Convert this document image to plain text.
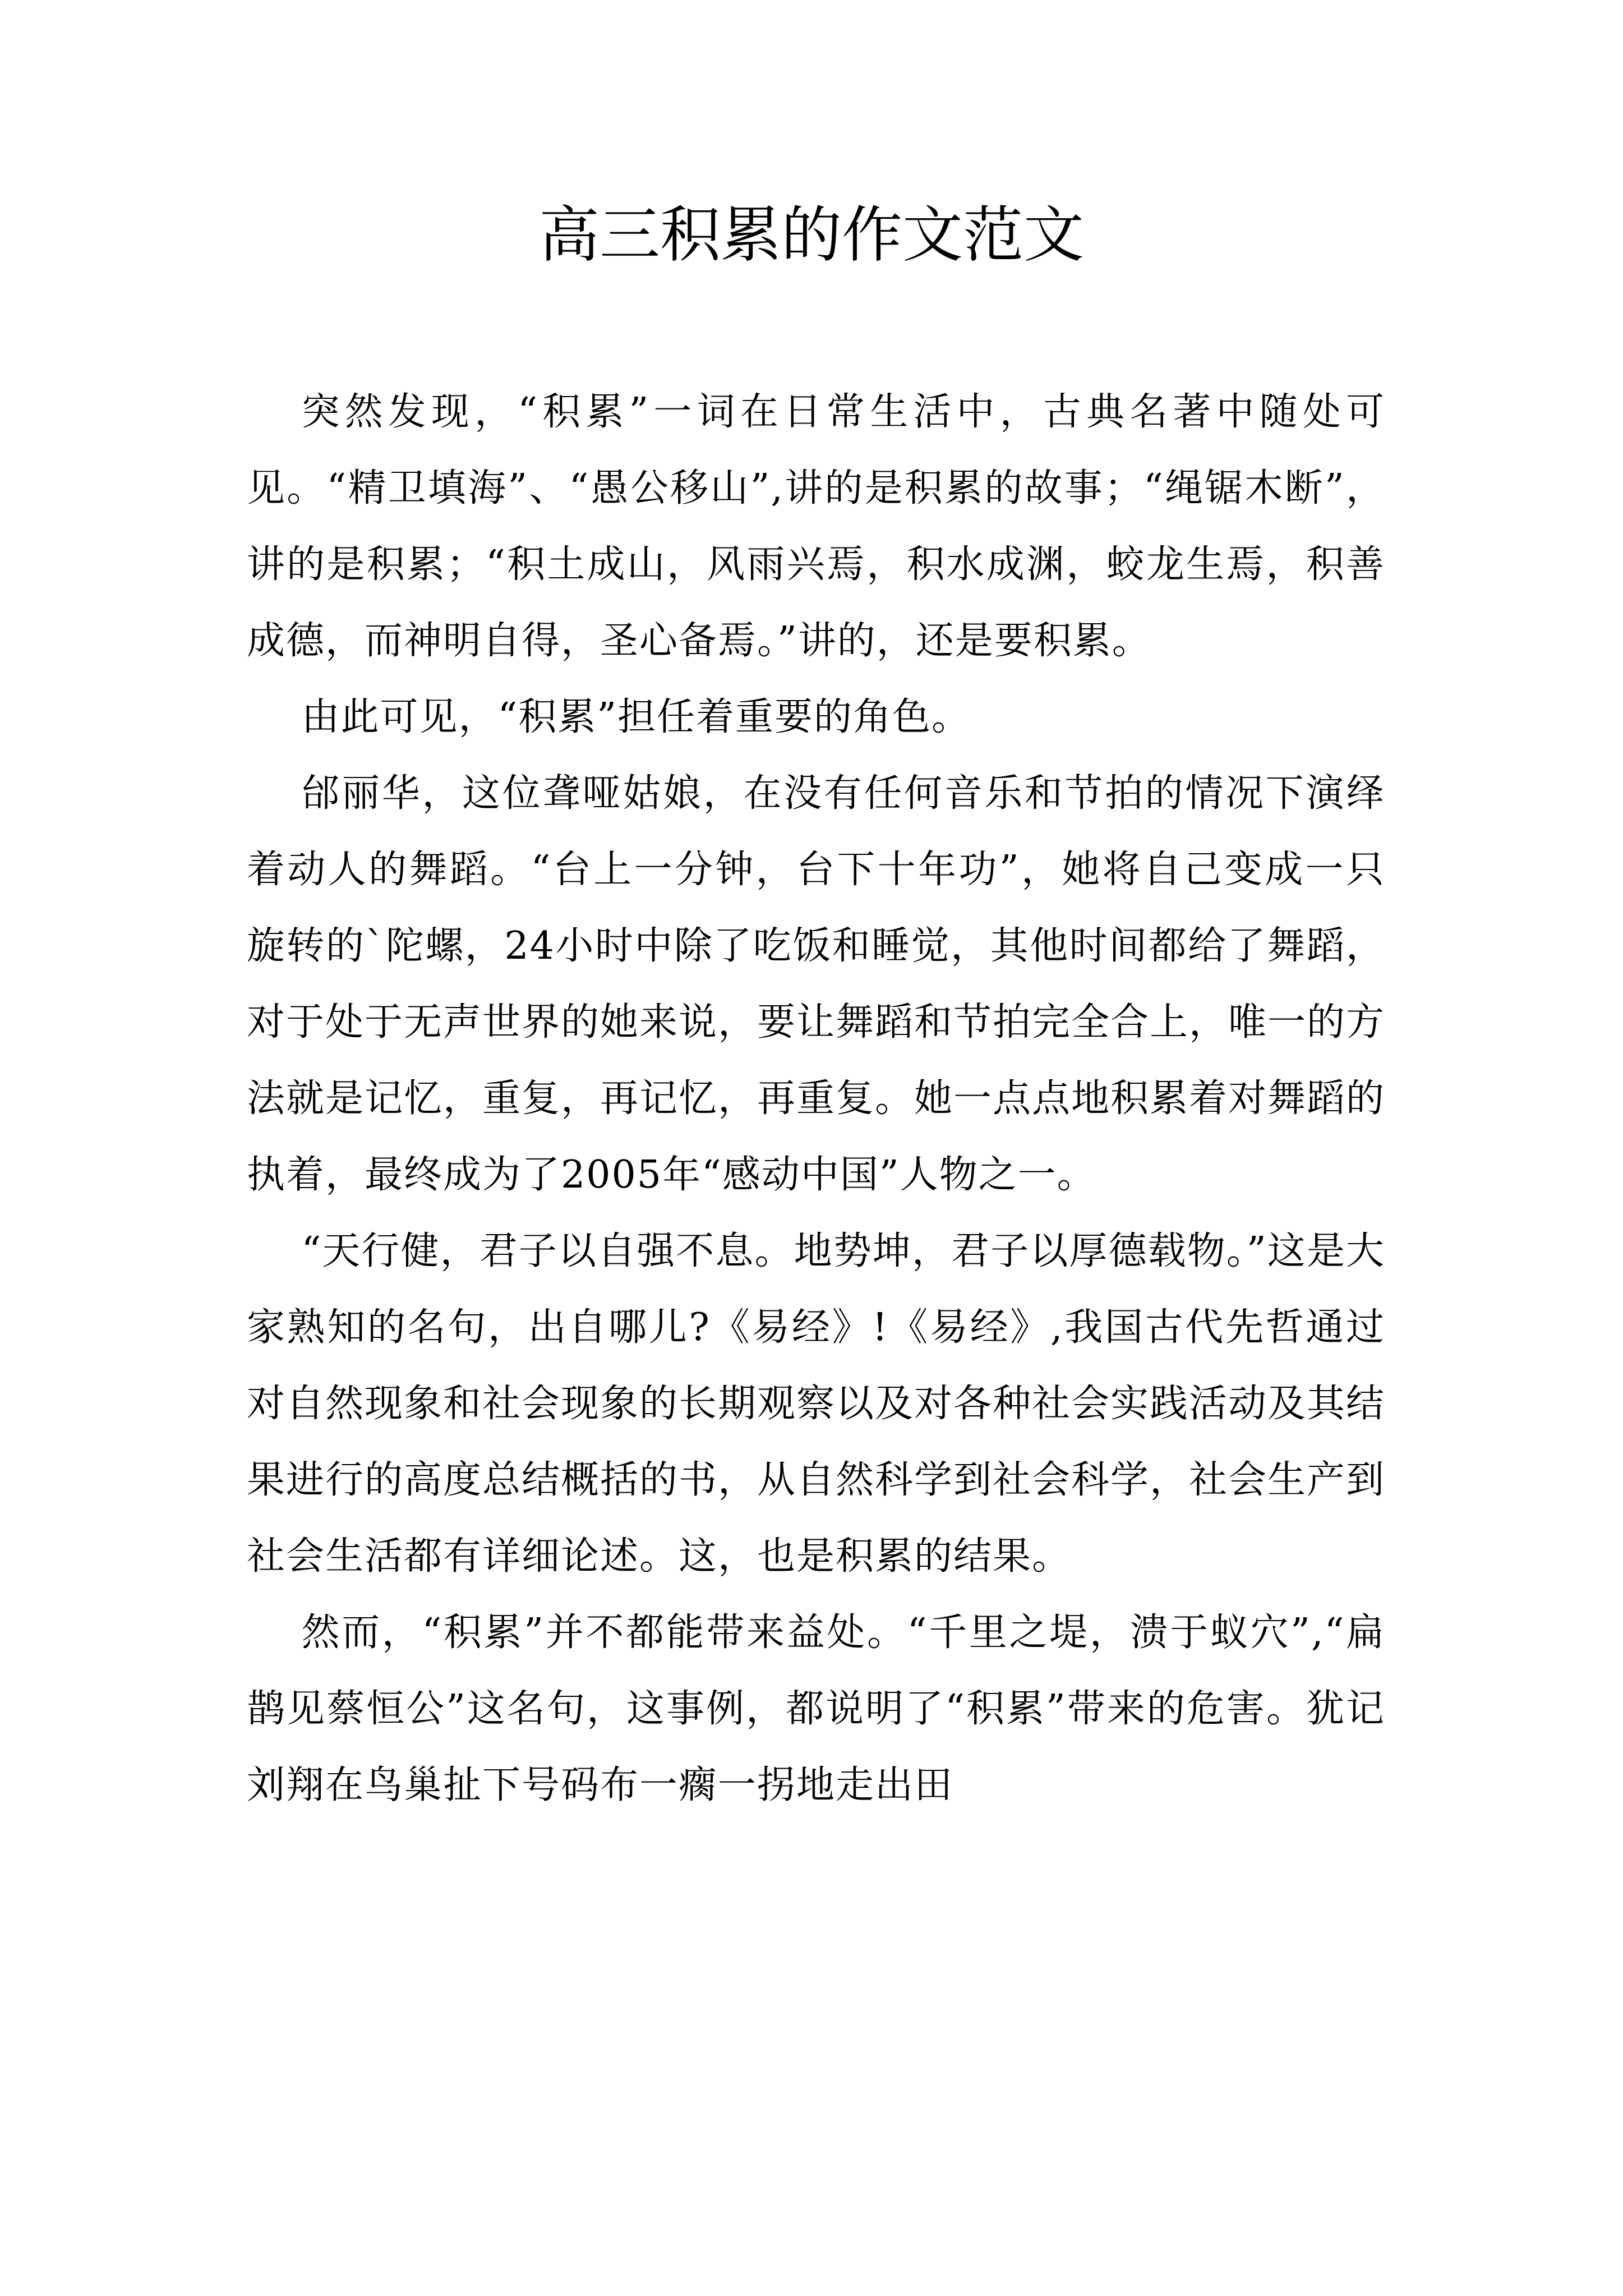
高三积累的作文范文

突然发现，“积累”一词在日常生活中，古典名著中随处可见。“精卫填海”、“愚公移山”,讲的是积累的故事；“绳锯木断”，讲的是积累；“积土成山，风雨兴焉，积水成渊，蛟龙生焉，积善成德，而神明自得，圣心备焉。”讲的，还是要积累。

由此可见，“积累”担任着重要的角色。

邰丽华，这位聋哑姑娘，在没有任何音乐和节拍的情况下演绎着动人的舞蹈。“台上一分钟，台下十年功”，她将自己变成一只旋转的`陀螺，24小时中除了吃饭和睡觉，其他时间都给了舞蹈，对于处于无声世界的她来说，要让舞蹈和节拍完全合上，唯一的方法就是记忆，重复，再记忆，再重复。她一点点地积累着对舞蹈的执着，最终成为了2005年“感动中国”人物之一。

“天行健，君子以自强不息。地势坤，君子以厚德载物。”这是大家熟知的名句，出自哪儿?《易经》!《易经》,我国古代先哲通过对自然现象和社会现象的长期观察以及对各种社会实践活动及其结果进行的高度总结概括的书，从自然科学到社会科学，社会生产到社会生活都有详细论述。这，也是积累的结果。

然而，“积累”并不都能带来益处。“千里之堤，溃于蚁穴”,“扁鹊见蔡恒公”这名句，这事例，都说明了“积累”带来的危害。犹记刘翔在鸟巢扯下号码布一瘸一拐地走出田
